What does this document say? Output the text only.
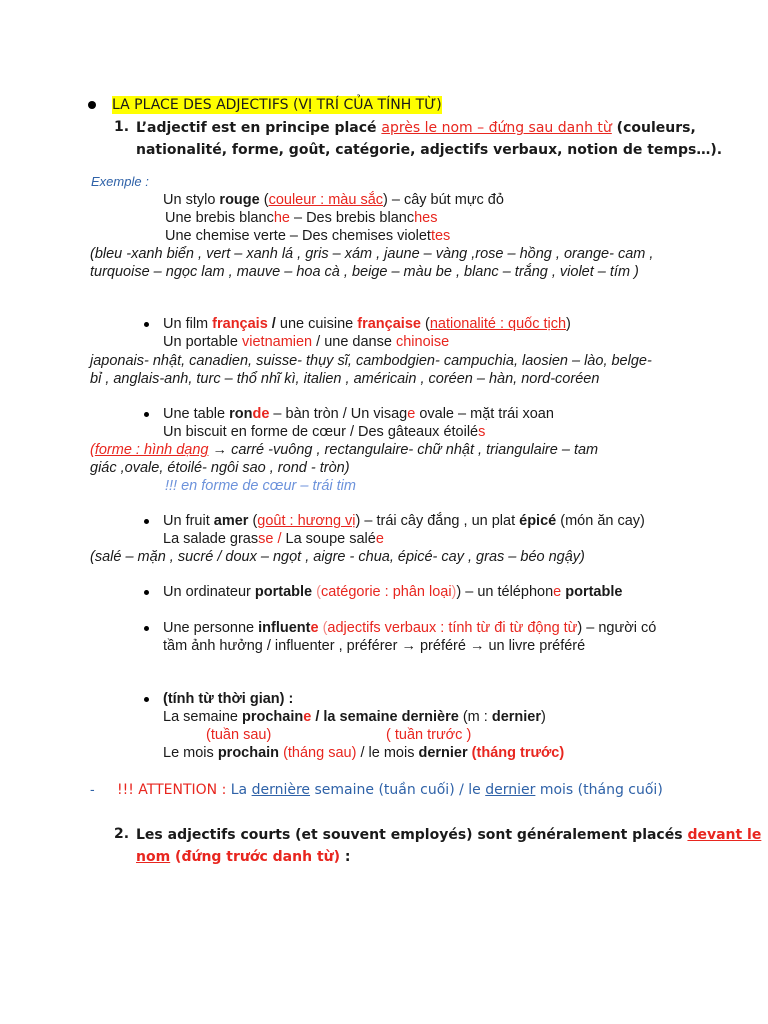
LA PLACE DES ADJECTIFS (VỊ TRÍ CỦA TÍNH TỪ)
1. L’adjectif est en principe placé après le nom – đứng sau danh từ (couleurs,
nationalité, forme, goût, catégorie, adjectifs verbaux, notion de temps…).
Exemple :
Un stylo rouge (couleur : màu sắc) – cây bút mực đỏ
Une brebis blanche – Des brebis blanches
Une chemise verte – Des chemises violettes
(bleu -xanh biển , vert – xanh lá , gris – xám , jaune – vàng ,rose – hồng , orange- cam ,
turquoise – ngọc lam , mauve – hoa cà , beige – màu be , blanc – trắng , violet – tím )
Un film français / une cuisine française (nationalité : quốc tịch)
Un portable vietnamien / une danse chinoise
japonais- nhật, canadien, suisse- thụy sĩ, cambodgien- campuchia, laosien – lào, belge-
bỉ , anglais-anh, turc – thổ nhĩ kì, italien , américain , coréen – hàn, nord-coréen
Une table ronde – bàn tròn / Un visage ovale – mặt trái xoan
Un biscuit en forme de cœur / Des gâteaux étoilés
(forme : hình dạng → carré -vuông , rectangulaire- chữ nhật , triangulaire – tam
giác ,ovale, étoilé- ngôi sao , rond - tròn)
!!! en forme de cœur – trái tim
Un fruit amer (goût : hương vị) – trái cây đắng , un plat épicé (món ăn cay)
La salade grasse / La soupe salée
(salé – mặn , sucré / doux – ngọt , aigre - chua, épicé- cay , gras – béo ngậy)
Un ordinateur portable (catégorie : phân loại)) – un téléphone portable
Une personne influente (adjectifs verbaux : tính từ đi từ động từ) – người có
tầm ảnh hưởng / influenter , préférer → préféré → un livre préféré
(tính từ thời gian) :
La semaine prochaine / la semaine dernière (m : dernier)
(tuần sau)	( tuần trước )
Le mois prochain (tháng sau) / le mois dernier (tháng trước)
- !!! ATTENTION : La dernière semaine (tuần cuối) / le dernier mois (tháng cuối)
2. Les adjectifs courts (et souvent employés) sont généralement placés devant le
nom (đứng trước danh từ) :
